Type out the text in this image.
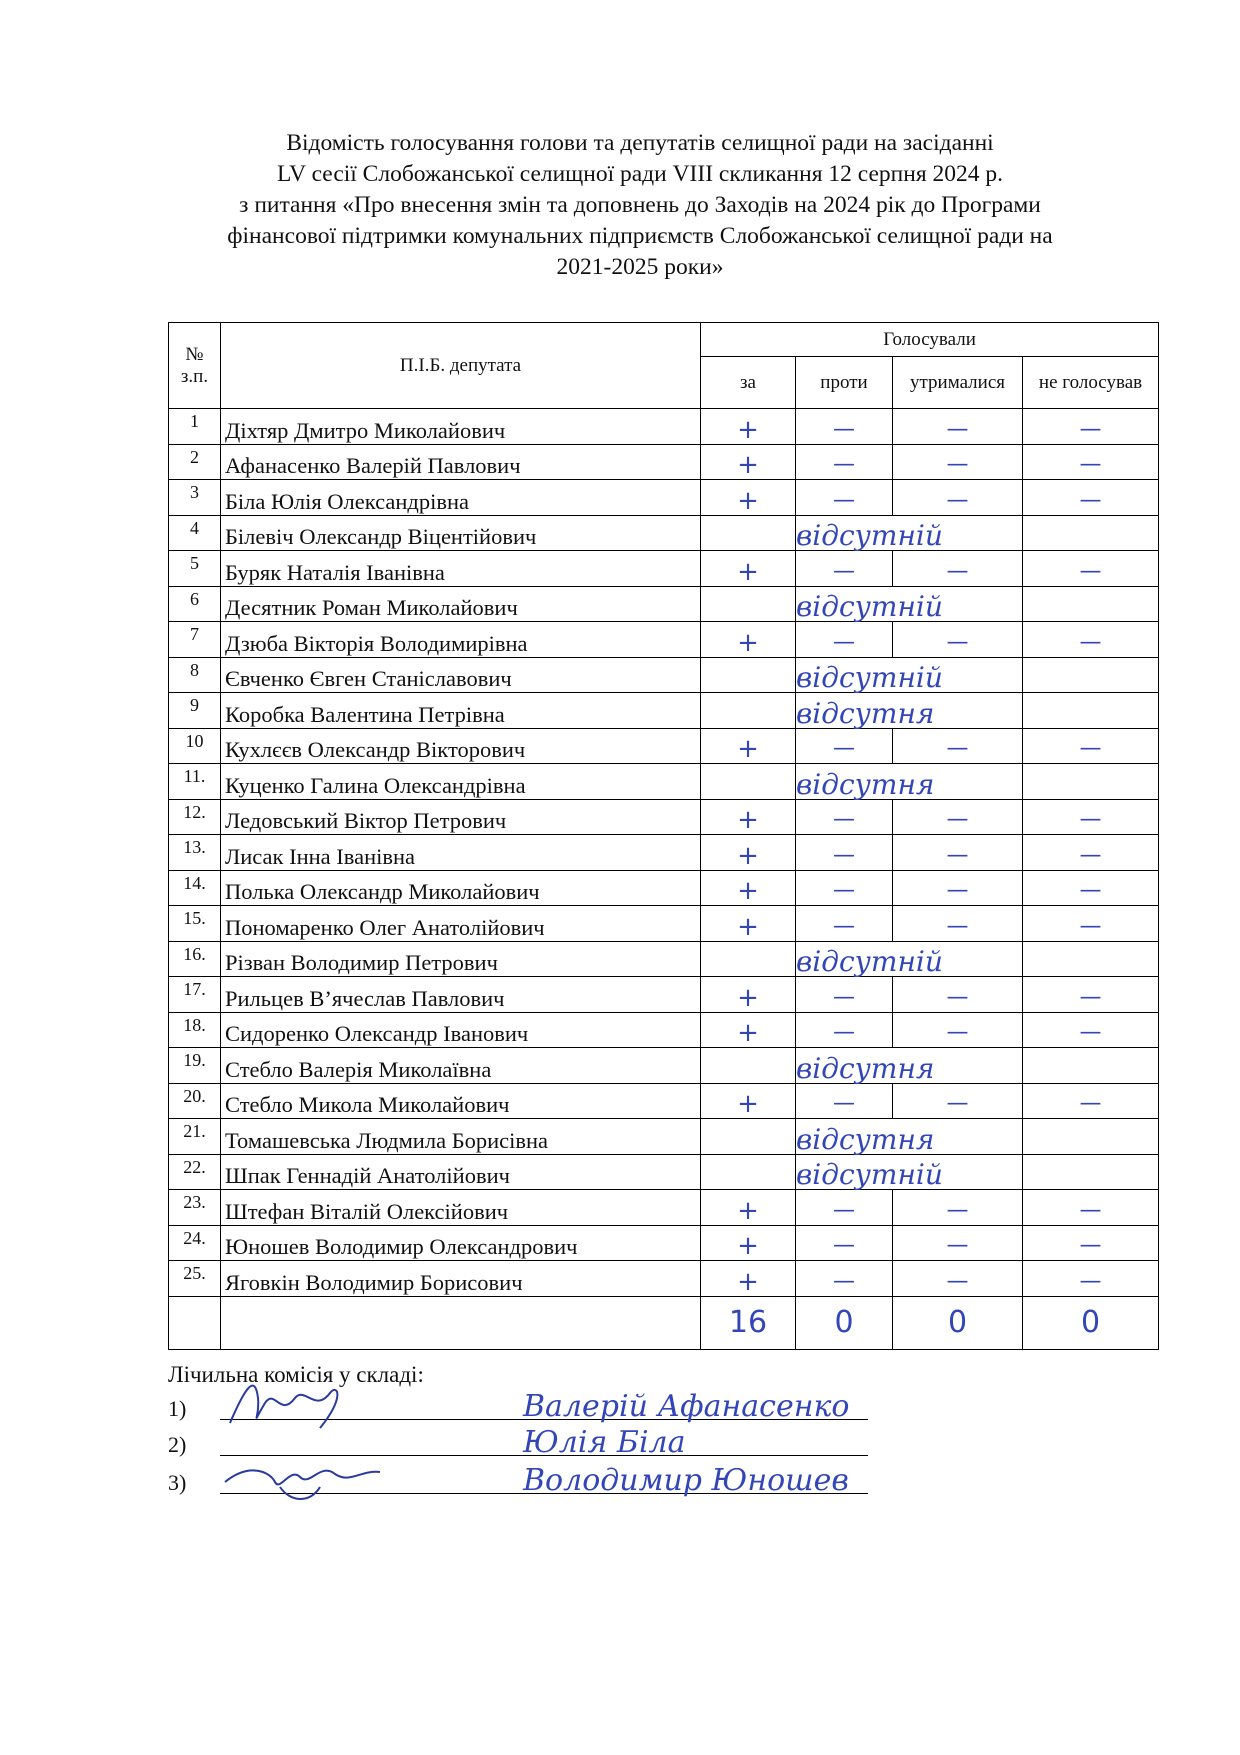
Відомість голосування голови та депутатів селищної ради на засіданні
LV сесії Слобожанської селищної ради VIII скликання 12 серпня 2024 р.
з питання «Про внесення змін та доповнень до Заходів на 2024 рік до Програми
фінансової підтримки комунальних підприємств Слобожанської селищної ради на
2021-2025 роки»
№ з.п.	П.І.Б. депутата	Голосували			
		за	проти	утрималися	не голосував
1	Діхтяр Дмитро Миколайович	+	—	—	—
2	Афанасенко Валерій Павлович	+	—	—	—
3	Біла Юлія Олександрівна	+	—	—	—
4	Білевіч Олександр Віцентійович		відсутній		
5	Буряк Наталія Іванівна	+	—	—	—
6	Десятник Роман Миколайович		відсутній		
7	Дзюба Вікторія Володимирівна	+	—	—	—
8	Євченко Євген Станіславович		відсутній		
9	Коробка Валентина Петрівна		відсутня		
10	Кухлєєв Олександр Вікторович	+	—	—	—
11.	Куценко Галина Олександрівна		відсутня		
12.	Ледовський Віктор Петрович	+	—	—	—
13.	Лисак Інна Іванівна	+	—	—	—
14.	Полька Олександр Миколайович	+	—	—	—
15.	Пономаренко Олег Анатолійович	+	—	—	—
16.	Різван Володимир Петрович		відсутній		
17.	Рильцев В’ячеслав Павлович	+	—	—	—
18.	Сидоренко Олександр Іванович	+	—	—	—
19.	Стебло Валерія Миколаївна		відсутня		
20.	Стебло Микола Миколайович	+	—	—	—
21.	Томашевська Людмила Борисівна		відсутня		
22.	Шпак Геннадій Анатолійович		відсутній		
23.	Штефан Віталій Олексійович	+	—	—	—
24.	Юношев Володимир Олександрович	+	—	—	—
25.	Яговкін Володимир Борисович	+	—	—	—
		16	0	0	0
Лічильна комісія у складі:
1)	Валерій Афанасенко
2)	Юлія Біла
3)	Володимир Юношев
